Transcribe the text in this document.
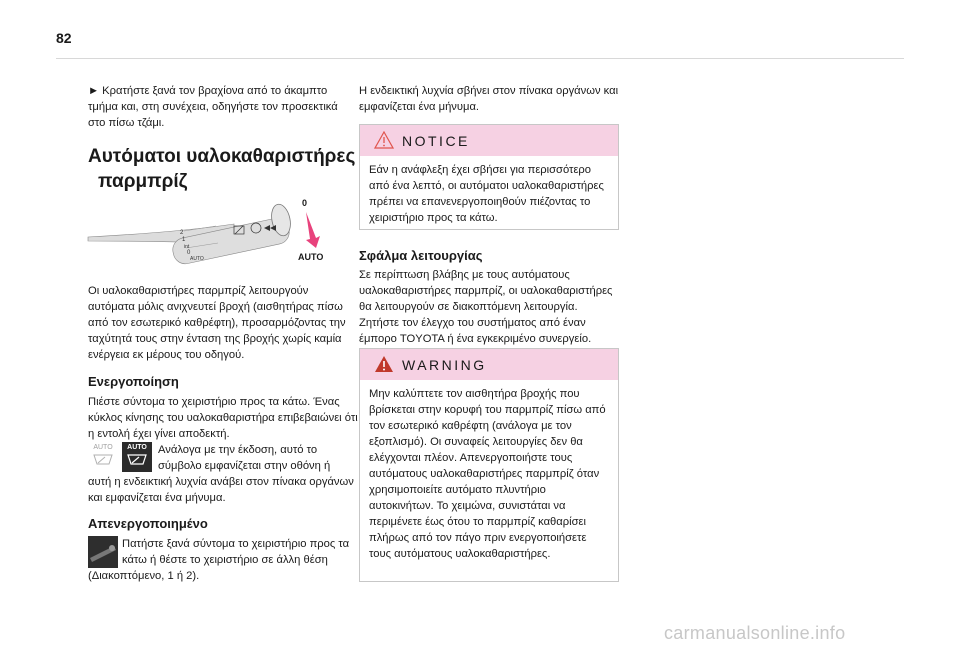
82

► Κρατήστε ξανά τον βραχίονα από το άκαμπτο τμήμα και, στη συνέχεια, οδηγήστε τον προσεκτικά στο πίσω τζάμι.

Αυτόματοι υαλοκαθαριστήρες
παρμπρίζ
2
1
int
0
AUTO
0
AUTO

Οι υαλοκαθαριστήρες παρμπρίζ λειτουργούν αυτόματα μόλις ανιχνευτεί βροχή (αισθητήρας πίσω από τον εσωτερικό καθρέφτη), προσαρμόζοντας την ταχύτητά τους στην ένταση της βροχής χωρίς καμία ενέργεια εκ μέρους του οδηγού.

Ενεργοποίηση

Πιέστε σύντομα το χειριστήριο προς τα κάτω. Ένας κύκλος κίνησης του υαλοκαθαριστήρα επιβεβαιώνει ότι η εντολή έχει γίνει αποδεκτή.

AUTO	AUTO Ανάλογα με την έκδοση, αυτό το σύμβολο εμφανίζεται στην οθόνη ή

αυτή η ενδεικτική λυχνία ανάβει στον πίνακα οργάνων και εμφανίζεται ένα μήνυμα.

Απενεργοποιημένο

Πατήστε ξανά σύντομα το χειριστήριο προς τα κάτω ή θέστε το χειριστήριο σε άλλη θέση

(Διακοπτόμενο, 1 ή 2).

Η ενδεικτική λυχνία σβήνει στον πίνακα οργάνων και εμφανίζεται ένα μήνυμα.

NOTICE

Εάν η ανάφλεξη έχει σβήσει για περισσότερο από ένα λεπτό, οι αυτόματοι υαλοκαθαριστήρες πρέπει να επανενεργοποιηθούν πιέζοντας το χειριστήριο προς τα κάτω.

Σφάλμα λειτουργίας

Σε περίπτωση βλάβης με τους αυτόματους υαλοκαθαριστήρες παρμπρίζ, οι υαλοκαθαριστήρες θα λειτουργούν σε διακοπτόμενη λειτουργία. Ζητήστε τον έλεγχο του συστήματος από έναν έμπορο TOYOTA ή ένα εγκεκριμένο συνεργείο.

WARNING

Μην καλύπτετε τον αισθητήρα βροχής που βρίσκεται στην κορυφή του παρμπρίζ πίσω από τον εσωτερικό καθρέφτη (ανάλογα με τον εξοπλισμό). Οι συναφείς λειτουργίες δεν θα ελέγχονται πλέον. Απενεργοποιήστε τους αυτόματους υαλοκαθαριστήρες παρμπρίζ όταν χρησιμοποιείτε αυτόματο πλυντήριο αυτοκινήτων. Το χειμώνα, συνιστάται να περιμένετε έως ότου το παρμπρίζ καθαρίσει πλήρως από τον πάγο πριν ενεργοποιήσετε τους αυτόματους υαλοκαθαριστήρες.

carmanualsonline.info
